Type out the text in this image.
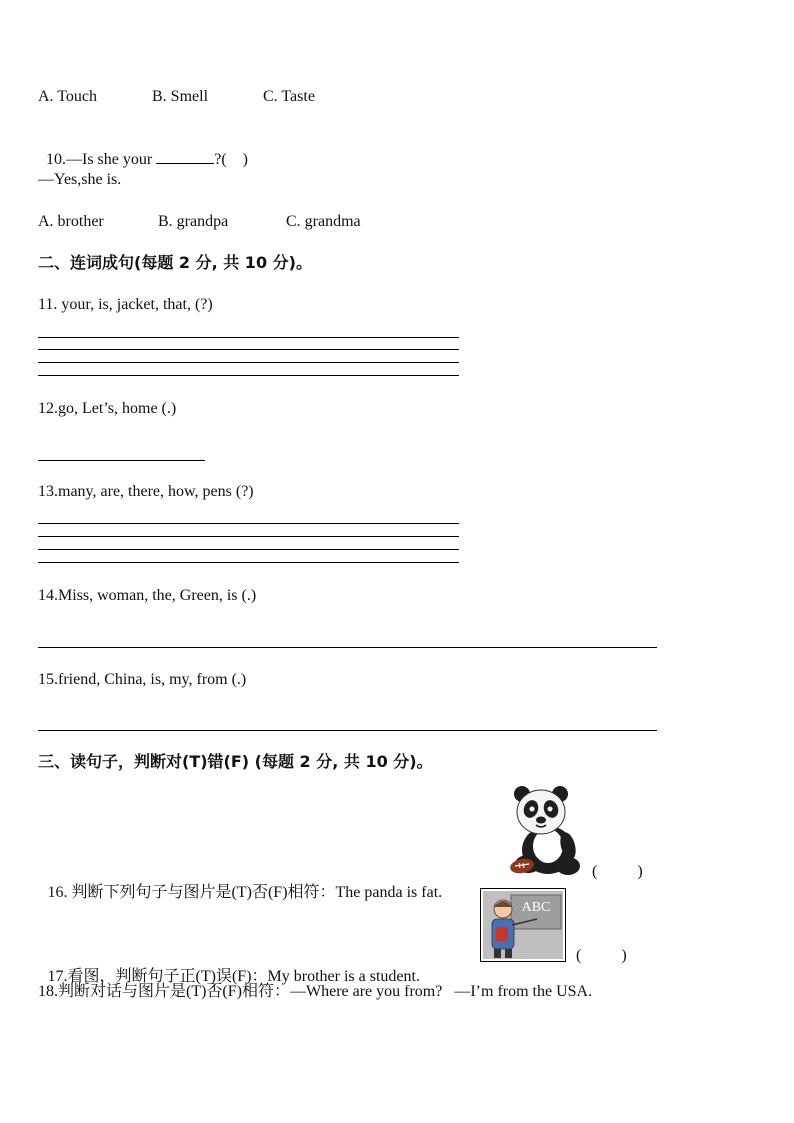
A. Touch	B. Smell	C. Taste

10.—Is she your	?(    )

—Yes,she is.
A. brother	B. grandpa	C. grandma
二、连词成句(每题 2 分, 共 10 分)。
11. your, is, jacket, that, (?)
12.go, Let’s, home (.)
13.many, are, there, how, pens (?)
14.Miss, woman, the, Green, is (.)
15.friend, China, is, my, from (.)
三、读句子，判断对(T)错(F) (每题 2 分, 共 10 分)。

16. 判断下列句子与图片是(T)否(F)相符：The panda is fat.

(          )
ABC

17.看图，判断句子正(T)误(F)：My brother is a student.

(          )
18.判断对话与图片是(T)否(F)相符：—Where are you from?   —I’m from the USA.
